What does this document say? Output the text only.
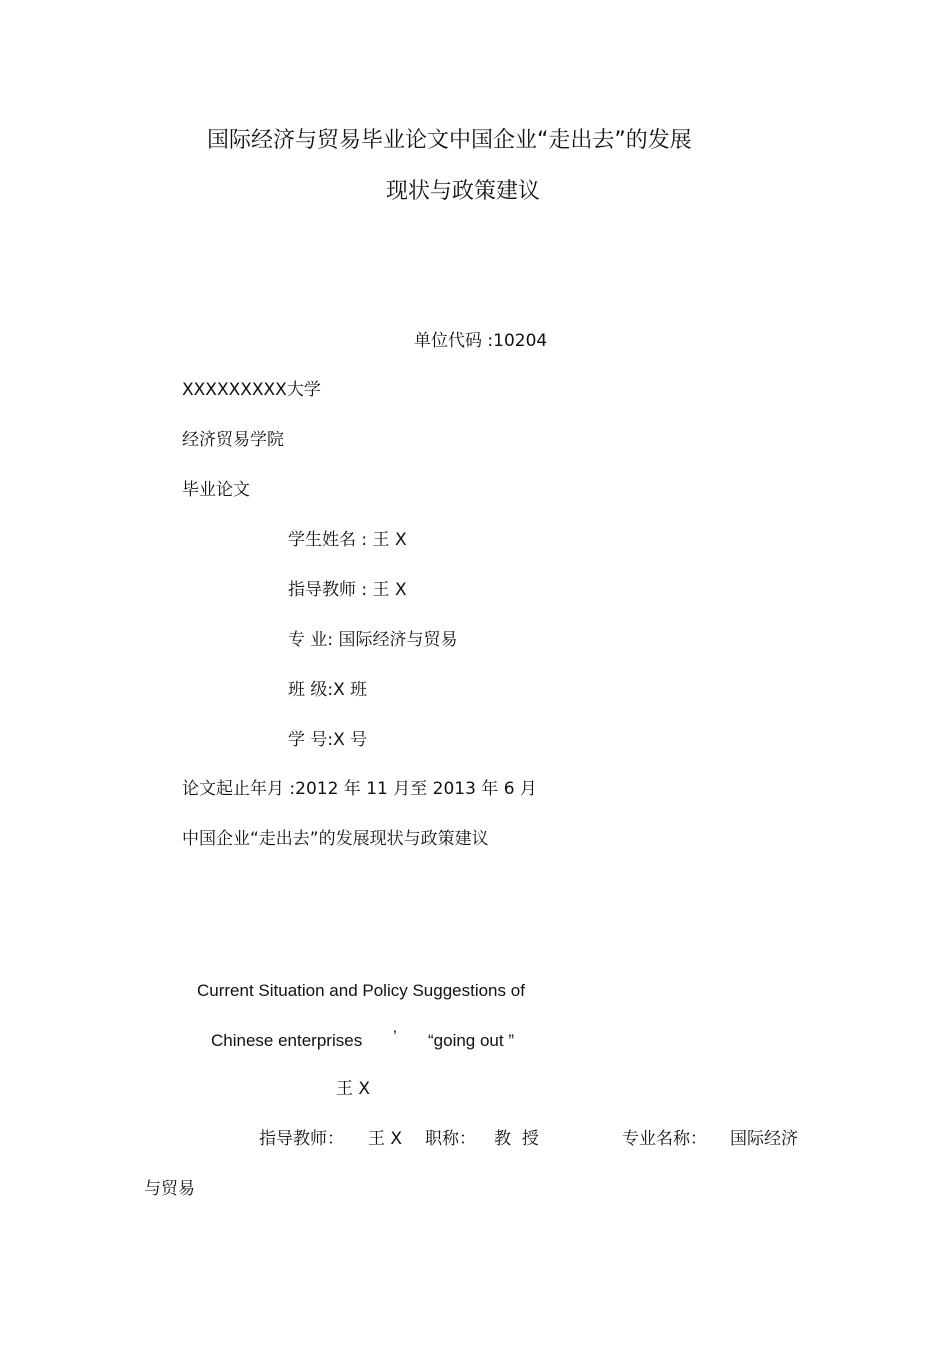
国际经济与贸易毕业论文中国企业“走出去”的发展
现状与政策建议
单位代码 :10204
XXXXXXXXX大学
经济贸易学院
毕业论文
学生姓名 : 王 X
指导教师 : 王 X
专 业: 国际经济与贸易
班 级:X 班
学 号:X 号
论文起止年月 :2012 年 11 月至 2013 年 6 月
中国企业“走出去”的发展现状与政策建议
Current Situation and Policy Suggestions of
Chinese enterprises ’ “going out ”
王 X
指导教师： 王 X 职称： 教  授	专业名称： 国际经济
与贸易
